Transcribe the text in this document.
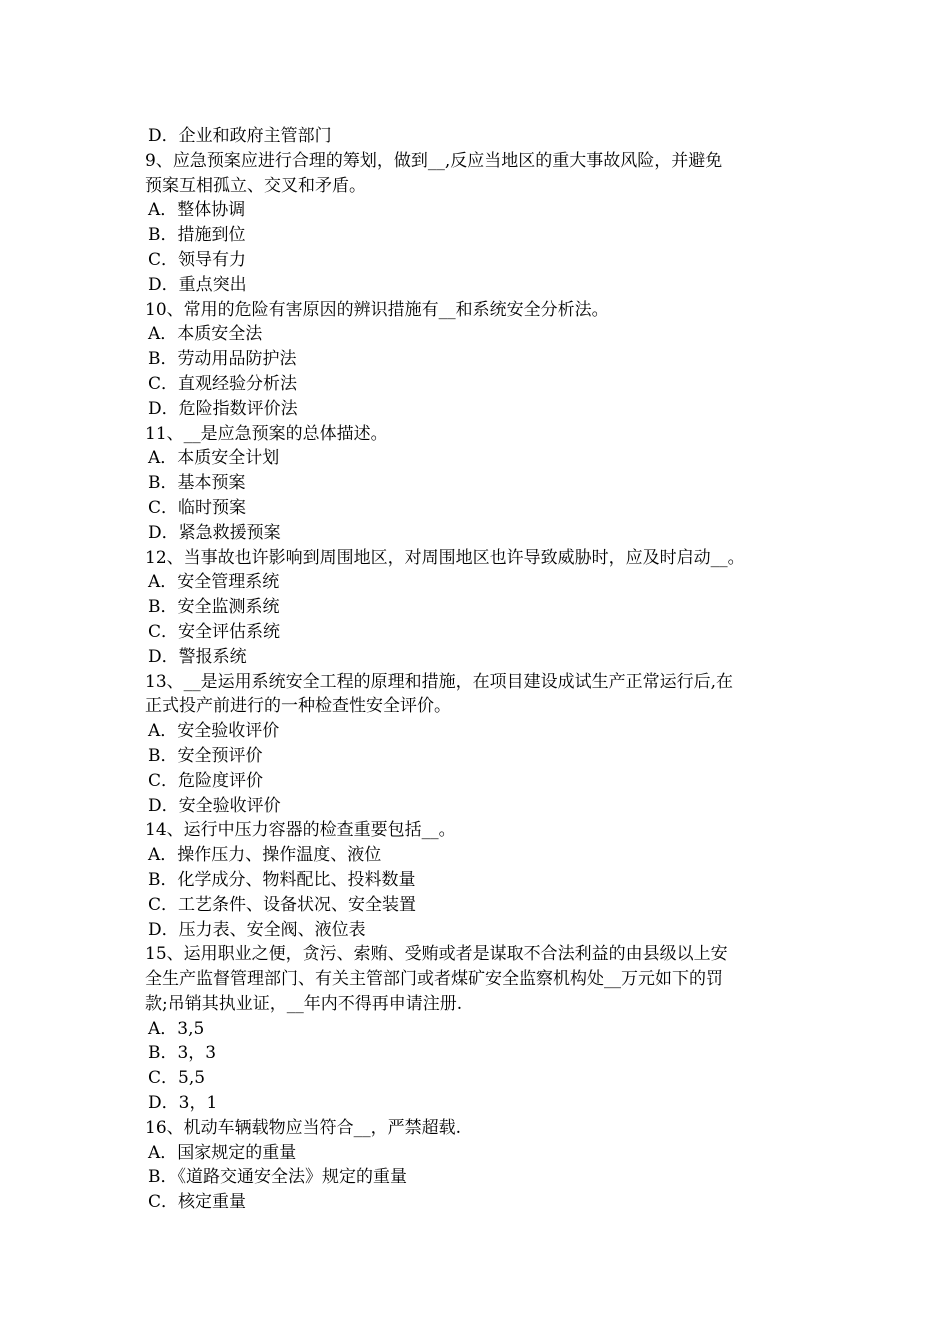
D．企业和政府主管部门
9、应急预案应进行合理的筹划，做到__,反应当地区的重大事故风险，并避免
预案互相孤立、交叉和矛盾。
A．整体协调
B．措施到位
C．领导有力
D．重点突出
10、常用的危险有害原因的辨识措施有__和系统安全分析法。
A．本质安全法
B．劳动用品防护法
C．直观经验分析法
D．危险指数评价法
11、__是应急预案的总体描述。
A．本质安全计划
B．基本预案
C．临时预案
D．紧急救援预案
12、当事故也许影响到周围地区，对周围地区也许导致威胁时，应及时启动__。
A．安全管理系统
B．安全监测系统
C．安全评估系统
D．警报系统
13、__是运用系统安全工程的原理和措施，在项目建设成试生产正常运行后,在
正式投产前进行的一种检查性安全评价。
A．安全验收评价
B．安全预评价
C．危险度评价
D．安全验收评价
14、运行中压力容器的检查重要包括__。
A．操作压力、操作温度、液位
B．化学成分、物料配比、投料数量
C．工艺条件、设备状况、安全装置
D．压力表、安全阀、液位表
15、运用职业之便，贪污、索贿、受贿或者是谋取不合法利益的由县级以上安
全生产监督管理部门、有关主管部门或者煤矿安全监察机构处__万元如下的罚
款;吊销其执业证，__年内不得再申请注册.
A．3,5
B．3，3
C．5,5
D．3，1
16、机动车辆载物应当符合__，严禁超载.
A．国家规定的重量
B．《道路交通安全法》规定的重量
C．核定重量
